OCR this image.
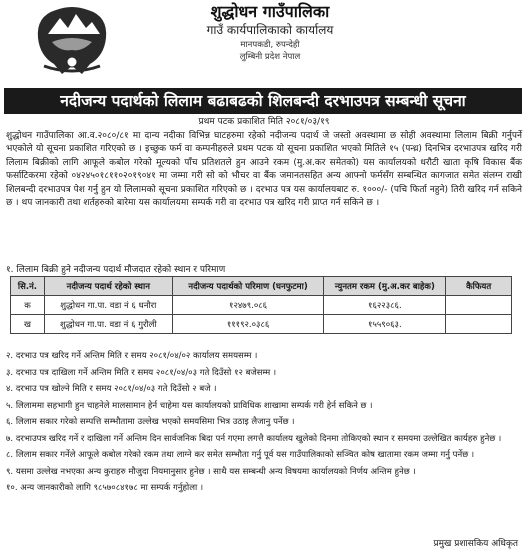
शुद्धोधन गाउँपालिका
गाउँ कार्यपालिकाको कार्यालय
मानपकडी, रुपन्देही
लुम्बिनी प्रदेश नेपाल
नदीजन्य पदार्थको लिलाम बढाबढको शिलबन्दी दरभाउपत्र सम्बन्धी सूचना
प्रथम पटक प्रकाशित मिति २०८१/०३/१९

शुद्धोधन गाउँपालिका आ.व.२०८०/८१ मा दान्य नदीका विभिन्न घाटहरुमा रहेको नदीजन्य पदार्थ जे जस्तो अवस्थामा छ सोही अवस्थामा लिलाम बिक्री गर्नुपर्ने भएकोले यो सूचना प्रकाशित गरिएको छ । इच्छुक फर्म वा कम्पनीहरुले प्रथम पटक यो सूचना प्रकाशित भएको मितिले १५ (पन्ध्र) दिनभित्र दरभाउपत्र खरिद गरी लिलाम बिक्रीको लागि आफूले कबोल गरेको मूल्यको पाँच प्रतिशतले हुन आउने रकम (मु.अ.कर समेतको) यस कार्यालयको धरौटी खाता कृषि विकास बैंक फर्साटिकरमा रहेको ०४२४५०१८११०२०१९०४१ मा जम्मा गरी सो को भौचर वा बैंक जमानतसहित अन्य आफ्नो फर्मसँग सम्बन्धित कागजात समेत संलग्न राखी शिलबन्दी दरभाउपत्र पेश गर्नु हुन यो लिलामको सूचना प्रकाशित गरिएको छ । दरभाउ पत्र यस कार्यालयबाट रु. १०००/- (पचि फिर्ता नहुने) तिरी खरिद गर्न सकिने छ । थप जानकारी तथा शर्तहरुको बारेमा यस कार्यालयमा सम्पर्क गरी वा दरभाउ पत्र खरिद गरी प्राप्त गर्न सकिने छ ।

१. लिलाम बिक्री हुने नदीजन्य पदार्थ मौजदात रहेको स्थान र परिमाण
सि.नं.	नदीजन्य पदार्थ रहेको स्थान	नदीजन्य पदार्थको परिमाण (घनफुटमा)	न्युनतम रकम (मु.अ.कर बाहेक)	कैफियत
क	शुद्धोधन गा.पा. वडा नं ६ धनौरा	१२४७९.०८६	१६२२३८६.	
ख	शुद्धोधन गा.पा. वडा नं ६ गुरौली	१११९२.०३८६	१५५९०६३.	
२. दरभाउ पत्र खरिद गर्ने अन्तिम मिति र समय २०८१/०४/०२ कार्यालय समयसम्म ।
३. दरभाउ पत्र दाखिला गर्ने अन्तिम मिति र समय २०८१/०४/०३ गते दिउँसो १२ बजेसम्म ।
४. दरभाउ पत्र खोल्ने मिति र समय २०८१/०४/०३ गते दिउँसो २ बजे ।
५. लिलाममा सहभागी हुन चाहनेले मालसामान हेर्न चाहेमा यस कार्यालयको प्राविधिक शाखामा सम्पर्क गरी हेर्न सकिने छ ।
६. लिलाम सकार गरेको सम्पत्ति सम्भौतामा उल्लेख भएको समयसिमा भित्र उठाइ लैजानु पर्नेछ ।
७. दरभाउपत्र खरिद गर्ने र दाखिला गर्ने अन्तिम दिन सार्वजनिक बिदा पर्न गएमा लगत्तै कार्यालय खुलेको दिनमा तोकिएको स्थान र समयमा उल्लेखित कार्यहरु हुनेछ ।
८. लिलाम सकार गर्नेले आफूले कबोल गरेको रकम तथा लाग्ने कर समेत सम्भौता गर्नु पूर्व यस गाउँपालिकाको सञ्चित कोष खातामा रकम जम्मा गर्नु पर्नेछ ।
९. यसमा उल्लेख नभएका अन्य कुराहरु मौजुदा नियमानुसार हुनेछ । साथै यस सम्बन्धी अन्य विषयमा कार्यालयको निर्णय अन्तिम हुनेछ ।
१०. अन्य जानकारीको लागि ९८५७०८४१७८ मा सम्पर्क गर्नुहोला ।
प्रमुख प्रशासकिय अधिकृत
